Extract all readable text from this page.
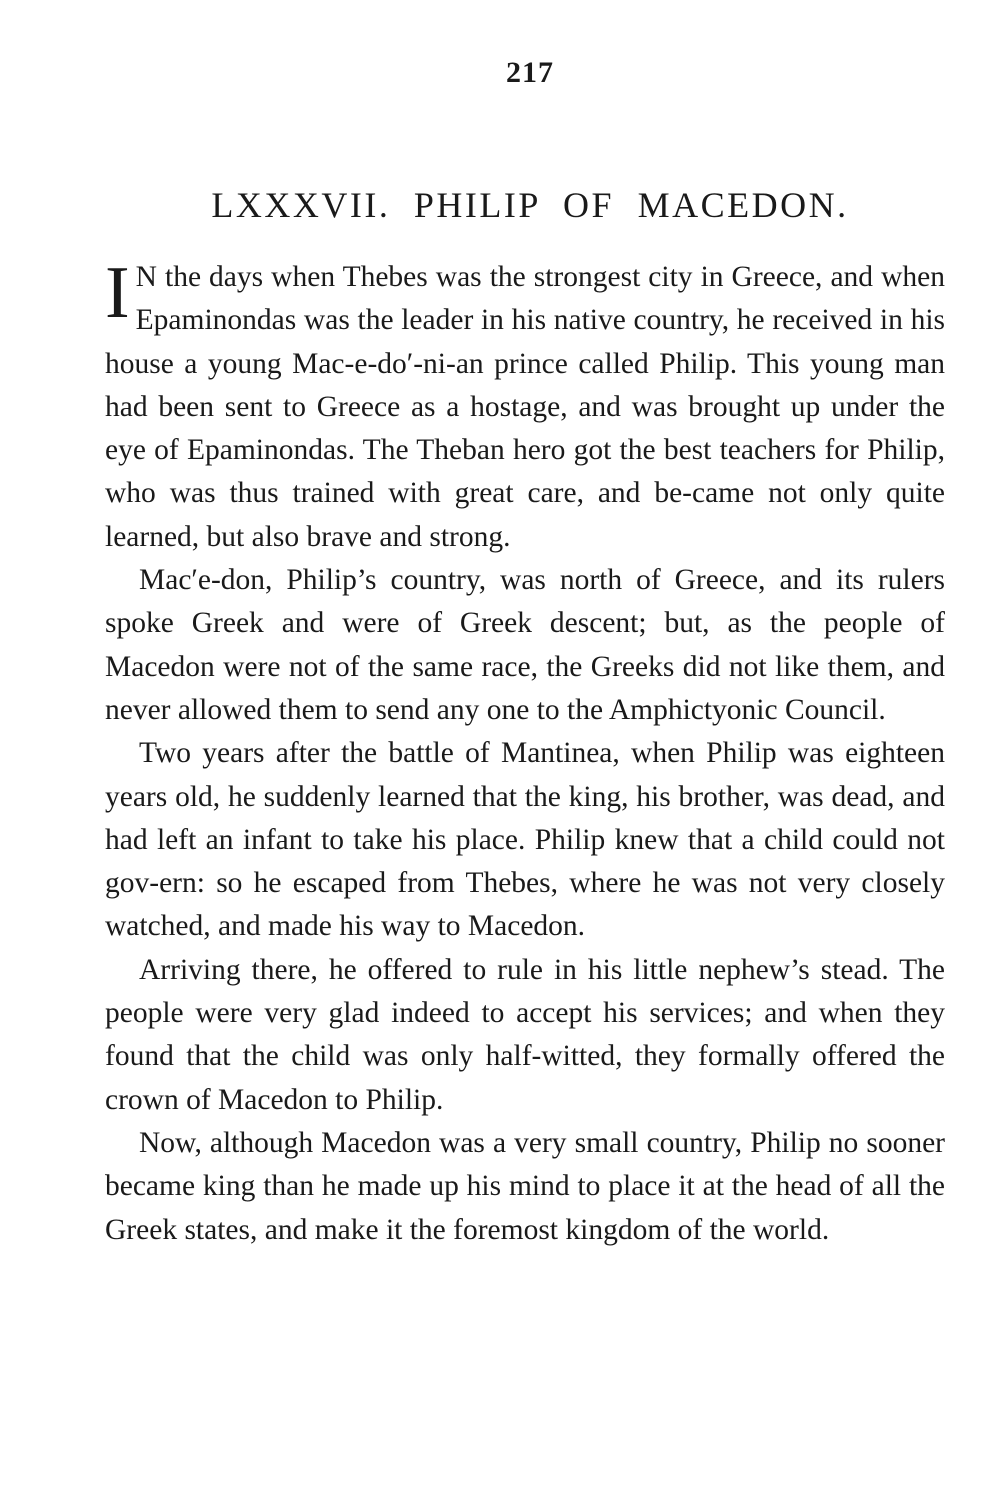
217
LXXXVII. PHILIP OF MACEDON.

I N the days when Thebes was the strongest city in Greece, and when Epaminondas was the leader in his native country, he received in his house a young Mac-e-do′-ni-an prince called Philip. This young man had been sent to Greece as a hostage, and was brought up under the eye of Epaminondas. The Theban hero got the best teachers for Philip, who was thus trained with great care, and be-came not only quite learned, but also brave and strong.

Mac′e-don, Philip’s country, was north of Greece, and its rulers spoke Greek and were of Greek descent; but, as the people of Macedon were not of the same race, the Greeks did not like them, and never allowed them to send any one to the Amphictyonic Council.

Two years after the battle of Mantinea, when Philip was eighteen years old, he suddenly learned that the king, his brother, was dead, and had left an infant to take his place. Philip knew that a child could not gov-ern: so he escaped from Thebes, where he was not very closely watched, and made his way to Macedon.

Arriving there, he offered to rule in his little nephew’s stead. The people were very glad indeed to accept his services; and when they found that the child was only half-witted, they formally offered the crown of Macedon to Philip.

Now, although Macedon was a very small country, Philip no sooner became king than he made up his mind to place it at the head of all the Greek states, and make it the foremost kingdom of the world.
